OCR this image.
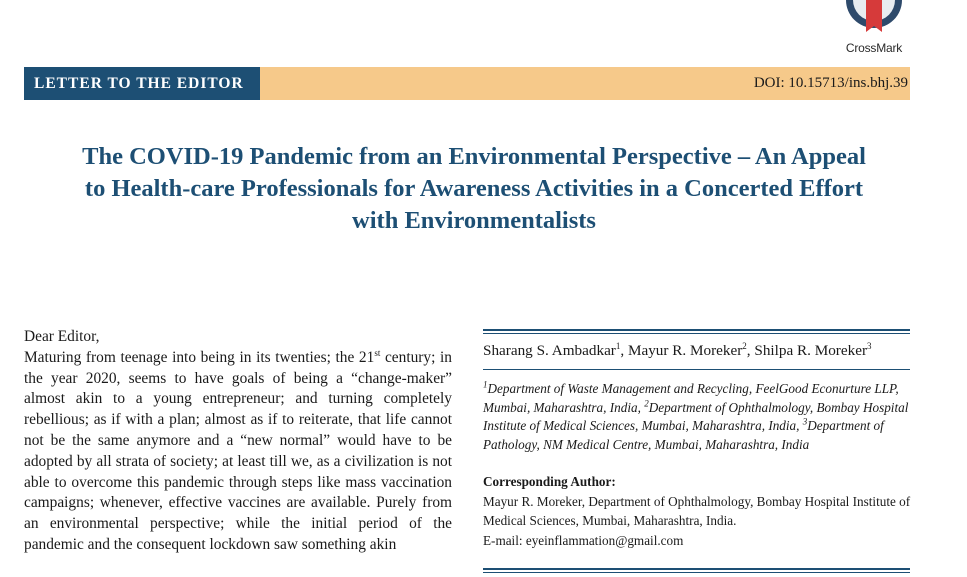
CrossMark
LETTER TO THE EDITOR	DOI: 10.15713/ins.bhj.39
The COVID-19 Pandemic from an Environmental Perspective – An Appeal
to Health-care Professionals for Awareness Activities in a Concerted Effort
with Environmentalists
Dear Editor,
Maturing from teenage into being in its twenties; the 21st century; in the year 2020, seems to have goals of being a “change-maker” almost akin to a young entrepreneur; and turning completely rebellious; as if with a plan; almost as if to reiterate, that life cannot not be the same anymore and a “new normal” would have to be adopted by all strata of society; at least till we, as a civilization is not able to overcome this pandemic through steps like mass vaccination campaigns; whenever, effective vaccines are available. Purely from an environmental perspective; while the initial period of the pandemic and the consequent lockdown saw something akin
Sharang S. Ambadkar$^1$, Mayur R. Moreker$^2$, Shilpa R. Moreker$^3$
$^1$Department of Waste Management and Recycling, FeelGood Econurture LLP, Mumbai, Maharashtra, India, $^2$Department of Ophthalmology, Bombay Hospital Institute of Medical Sciences, Mumbai, Maharashtra, India, $^3$Department of Pathology, NM Medical Centre, Mumbai, Maharashtra, India
Corresponding Author:
Mayur R. Moreker, Department of Ophthalmology, Bombay Hospital Institute of Medical Sciences, Mumbai, Maharashtra, India.
E-mail: eyeinflammation@gmail.com
